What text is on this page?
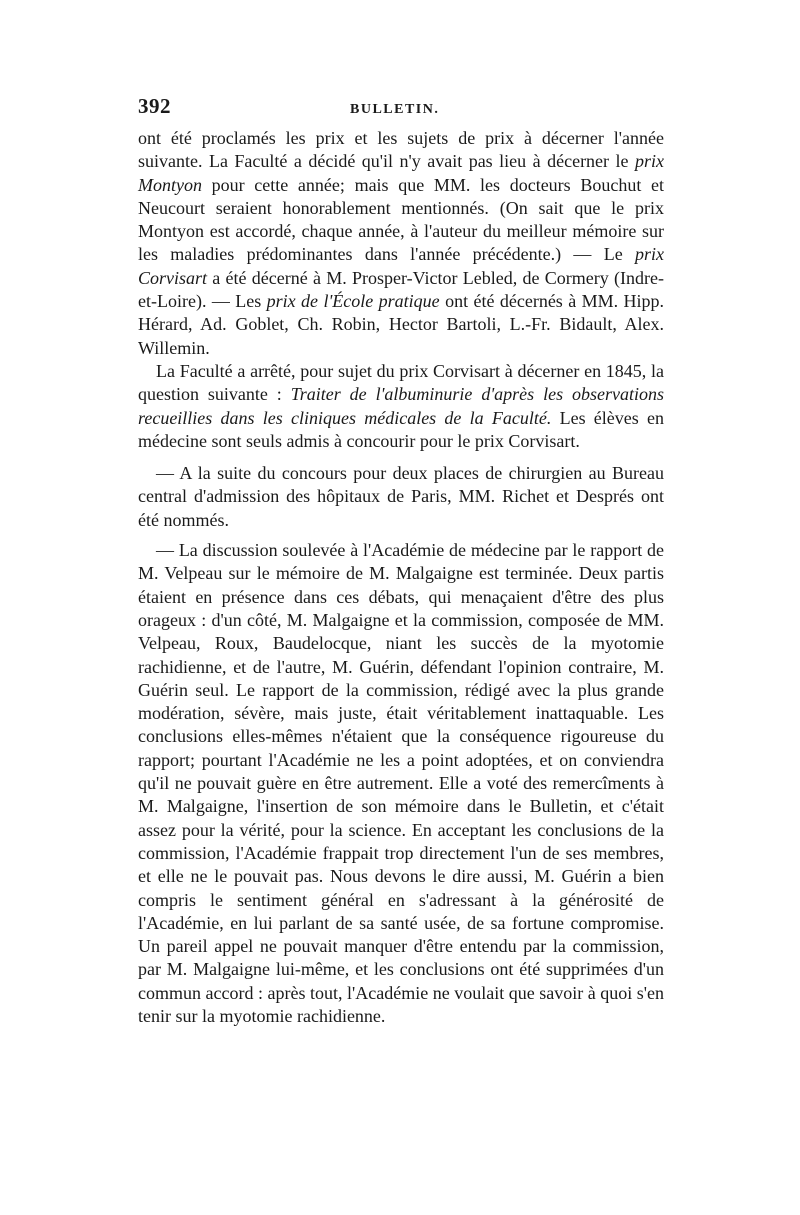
392	BULLETIN.

ont été proclamés les prix et les sujets de prix à décerner l'année suivante. La Faculté a décidé qu'il n'y avait pas lieu à décerner le prix Montyon pour cette année; mais que MM. les docteurs Bouchut et Neucourt seraient honorablement mentionnés. (On sait que le prix Montyon est accordé, chaque année, à l'auteur du meilleur mémoire sur les maladies prédominantes dans l'année précédente.) — Le prix Corvisart a été décerné à M. Prosper-Victor Lebled, de Cormery (Indre-et-Loire). — Les prix de l'École pratique ont été décernés à MM. Hipp. Hérard, Ad. Goblet, Ch. Robin, Hector Bartoli, L.-Fr. Bidault, Alex. Willemin.

La Faculté a arrêté, pour sujet du prix Corvisart à décerner en 1845, la question suivante : Traiter de l'albuminurie d'après les observations recueillies dans les cliniques médicales de la Faculté. Les élèves en médecine sont seuls admis à concourir pour le prix Corvisart.

— A la suite du concours pour deux places de chirurgien au Bureau central d'admission des hôpitaux de Paris, MM. Richet et Després ont été nommés.

— La discussion soulevée à l'Académie de médecine par le rapport de M. Velpeau sur le mémoire de M. Malgaigne est terminée. Deux partis étaient en présence dans ces débats, qui menaçaient d'être des plus orageux : d'un côté, M. Malgaigne et la commission, composée de MM. Velpeau, Roux, Baudelocque, niant les succès de la myotomie rachidienne, et de l'autre, M. Guérin, défendant l'opinion contraire, M. Guérin seul. Le rapport de la commission, rédigé avec la plus grande modération, sévère, mais juste, était véritablement inattaquable. Les conclusions elles-mêmes n'étaient que la conséquence rigoureuse du rapport; pourtant l'Académie ne les a point adoptées, et on conviendra qu'il ne pouvait guère en être autrement. Elle a voté des remercîments à M. Malgaigne, l'insertion de son mémoire dans le Bulletin, et c'était assez pour la vérité, pour la science. En acceptant les conclusions de la commission, l'Académie frappait trop directement l'un de ses membres, et elle ne le pouvait pas. Nous devons le dire aussi, M. Guérin a bien compris le sentiment général en s'adressant à la générosité de l'Académie, en lui parlant de sa santé usée, de sa fortune compromise. Un pareil appel ne pouvait manquer d'être entendu par la commission, par M. Malgaigne lui-même, et les conclusions ont été supprimées d'un commun accord : après tout, l'Académie ne voulait que savoir à quoi s'en tenir sur la myotomie rachidienne.
